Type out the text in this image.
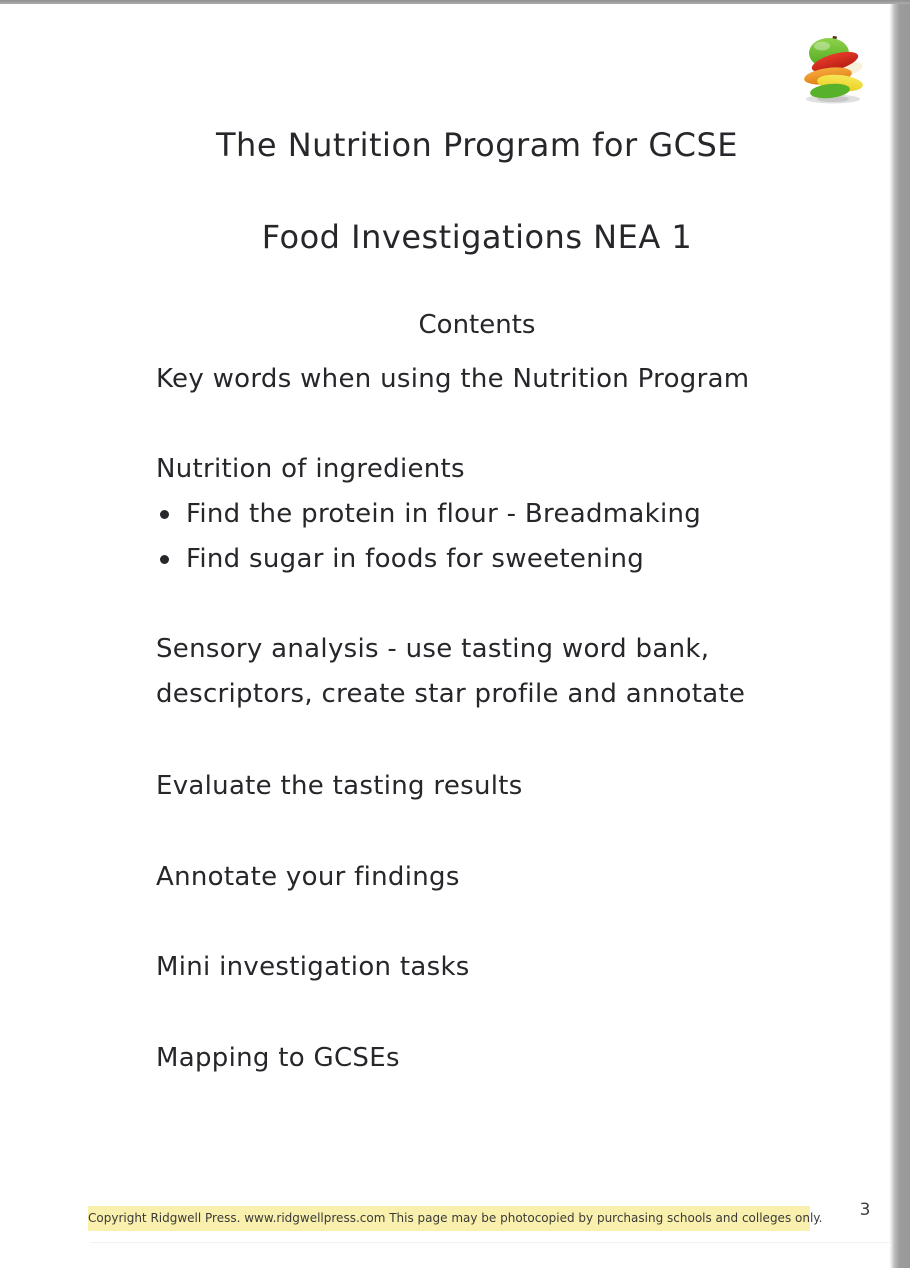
The Nutrition Program for GCSE
Food Investigations NEA 1
Contents
Key words when using the Nutrition Program
Nutrition of ingredients
Find the protein in flour - Breadmaking
Find sugar in foods for sweetening
Sensory analysis - use tasting word bank, descriptors, create star profile and annotate
Evaluate the tasting results
Annotate your findings
Mini investigation tasks
Mapping to GCSEs
Copyright Ridgwell Press. www.ridgwellpress.com This page may be photocopied by purchasing schools and colleges only.	3
